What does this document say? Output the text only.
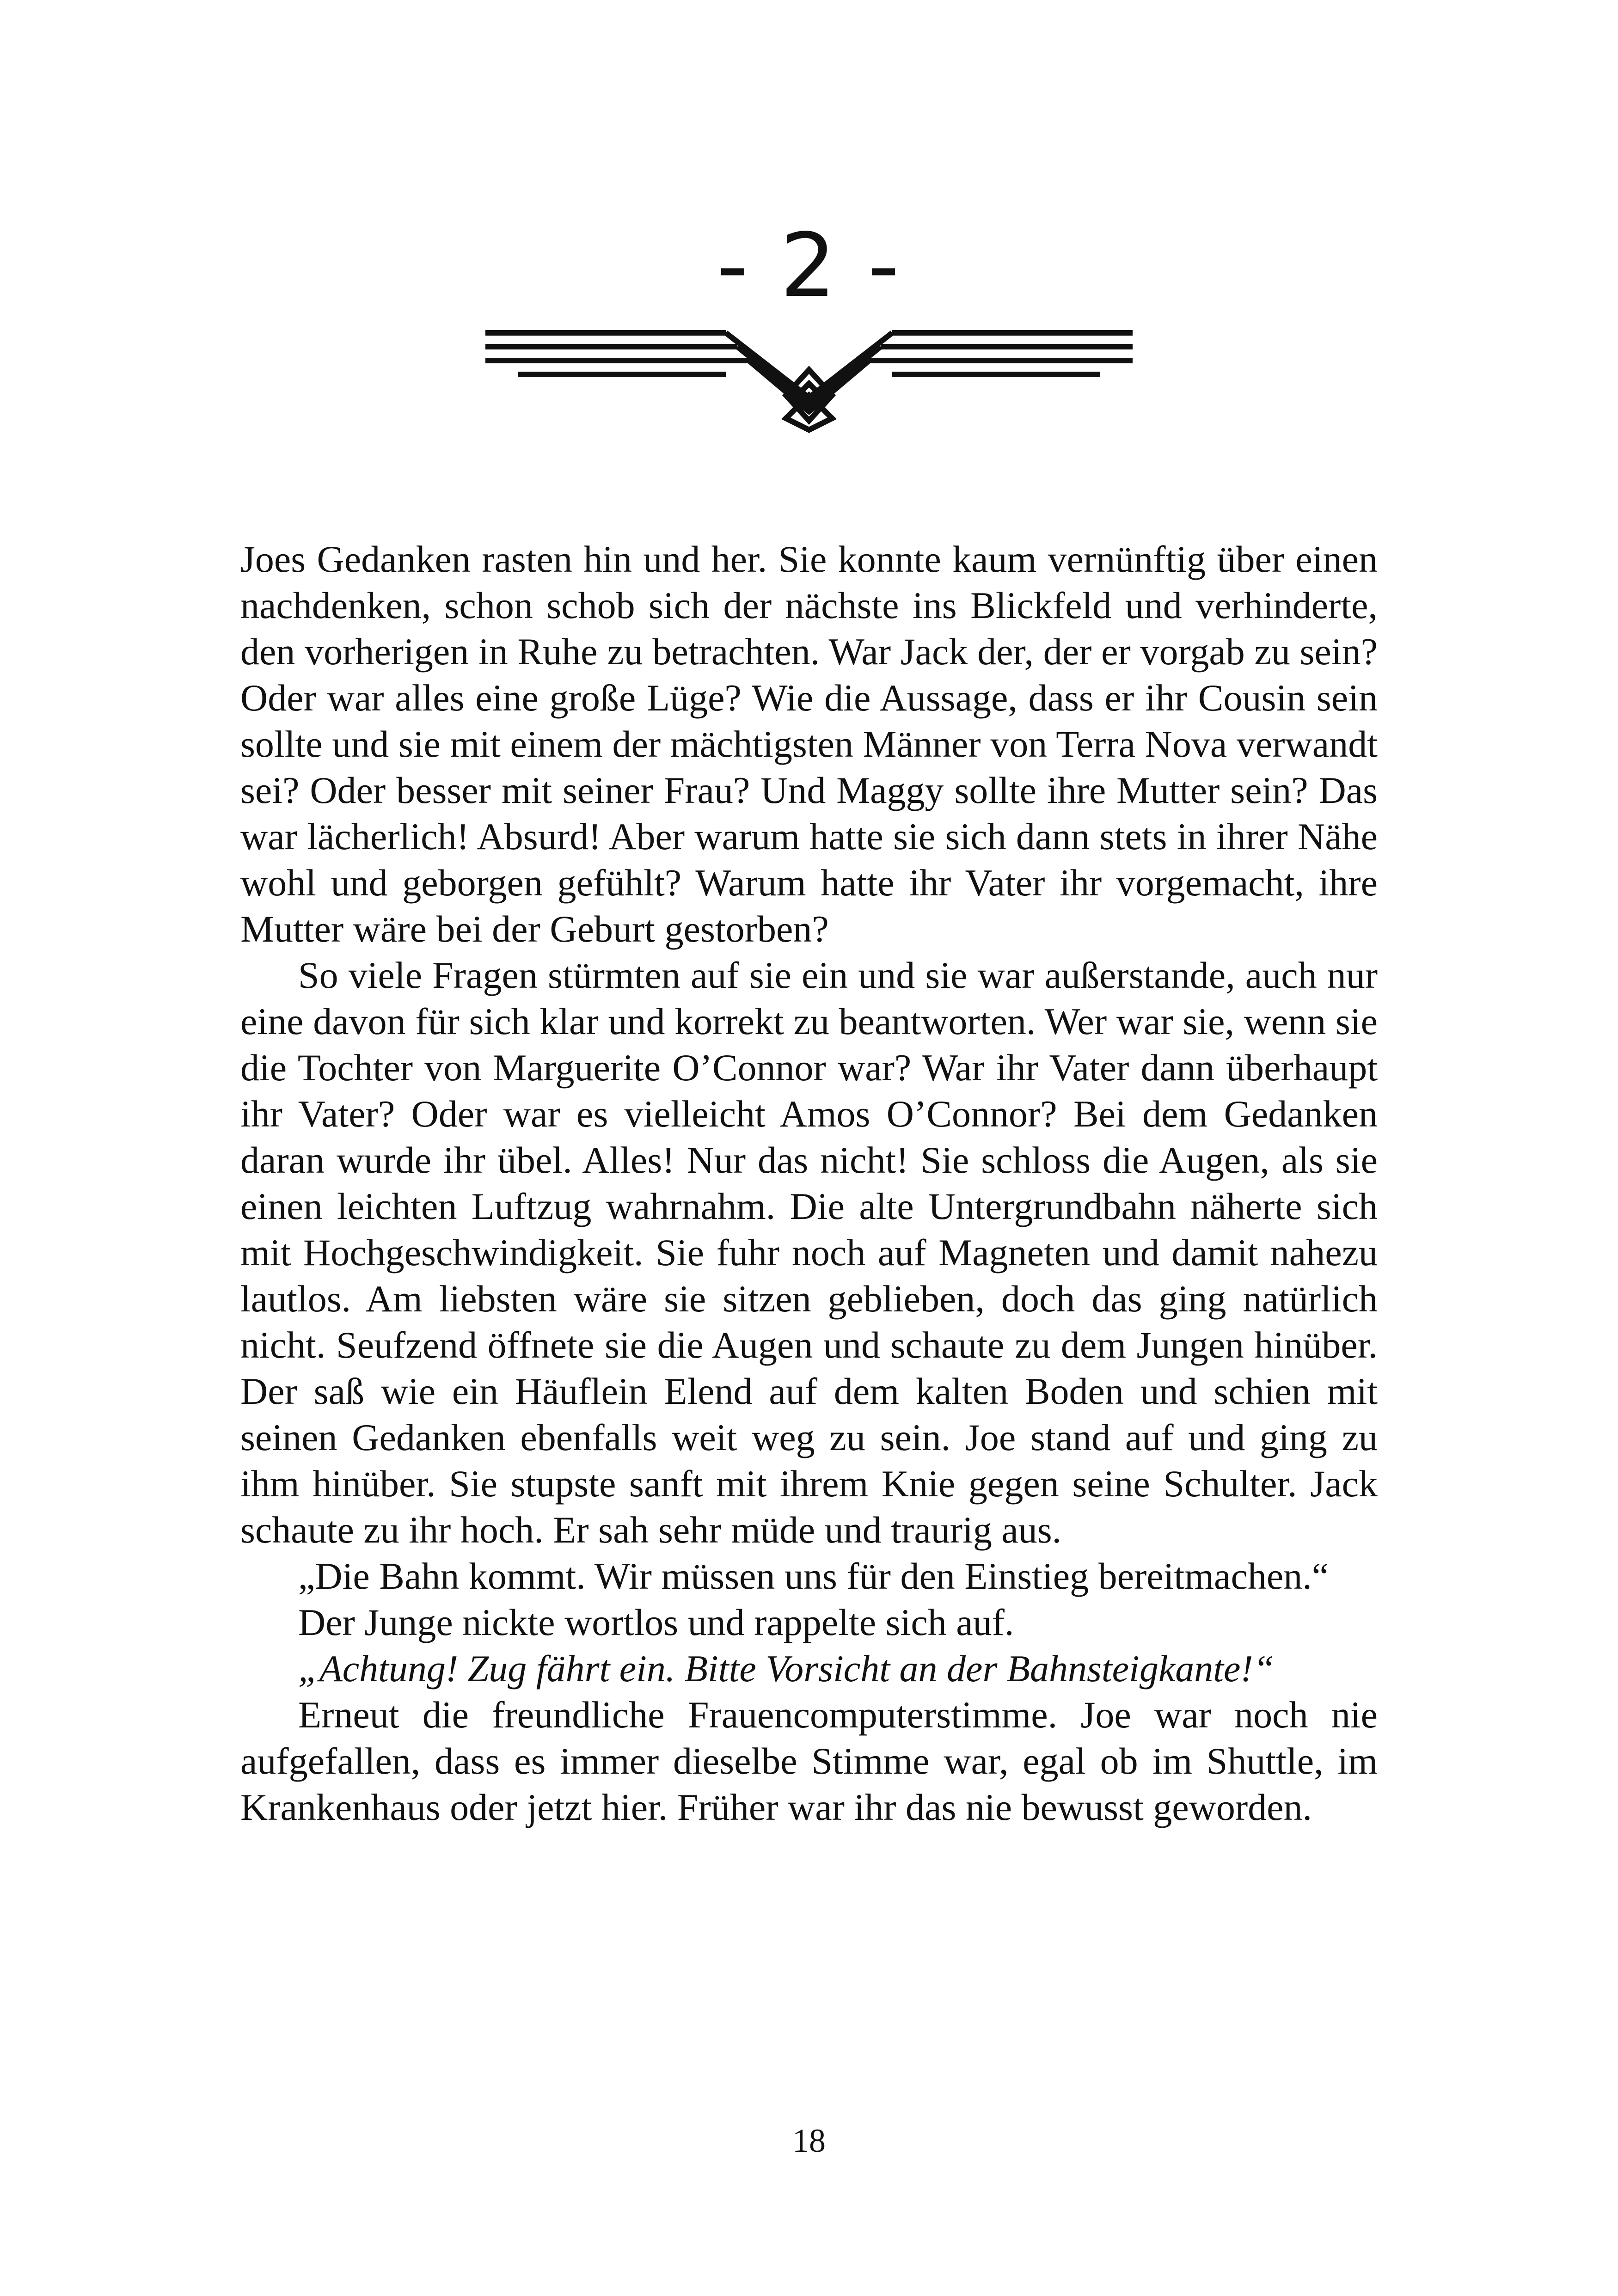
- 2 -

Joes Gedanken rasten hin und her. Sie konnte kaum vernünftig über einen nachdenken, schon schob sich der nächste ins Blickfeld und verhinderte, den vorherigen in Ruhe zu betrachten. War Jack der, der er vorgab zu sein? Oder war alles eine große Lüge? Wie die Aussage, dass er ihr Cousin sein sollte und sie mit einem der mächtigsten Männer von Terra Nova verwandt sei? Oder besser mit seiner Frau? Und Maggy sollte ihre Mutter sein? Das war lächerlich! Absurd! Aber warum hatte sie sich dann stets in ihrer Nähe wohl und geborgen gefühlt? Warum hatte ihr Vater ihr vorgemacht, ihre Mutter wäre bei der Geburt gestorben?

So viele Fragen stürmten auf sie ein und sie war außerstande, auch nur eine davon für sich klar und korrekt zu beantworten. Wer war sie, wenn sie die Tochter von Marguerite O’Connor war? War ihr Vater dann überhaupt ihr Vater? Oder war es vielleicht Amos O’Connor? Bei dem Gedanken daran wurde ihr übel. Alles! Nur das nicht! Sie schloss die Augen, als sie einen leichten Luftzug wahrnahm. Die alte Untergrundbahn näherte sich mit Hochgeschwindigkeit. Sie fuhr noch auf Magneten und damit nahezu lautlos. Am liebsten wäre sie sitzen geblieben, doch das ging natürlich nicht. Seufzend öffnete sie die Augen und schaute zu dem Jungen hinüber. Der saß wie ein Häuflein Elend auf dem kalten Boden und schien mit seinen Gedanken ebenfalls weit weg zu sein. Joe stand auf und ging zu ihm hinüber. Sie stupste sanft mit ihrem Knie gegen seine Schulter. Jack schaute zu ihr hoch. Er sah sehr müde und traurig aus.

„Die Bahn kommt. Wir müssen uns für den Einstieg bereitmachen.“

Der Junge nickte wortlos und rappelte sich auf.

„Achtung! Zug fährt ein. Bitte Vorsicht an der Bahnsteigkante!“

Erneut die freundliche Frauencomputerstimme. Joe war noch nie aufgefallen, dass es immer dieselbe Stimme war, egal ob im Shuttle, im Krankenhaus oder jetzt hier. Früher war ihr das nie bewusst geworden.

18
